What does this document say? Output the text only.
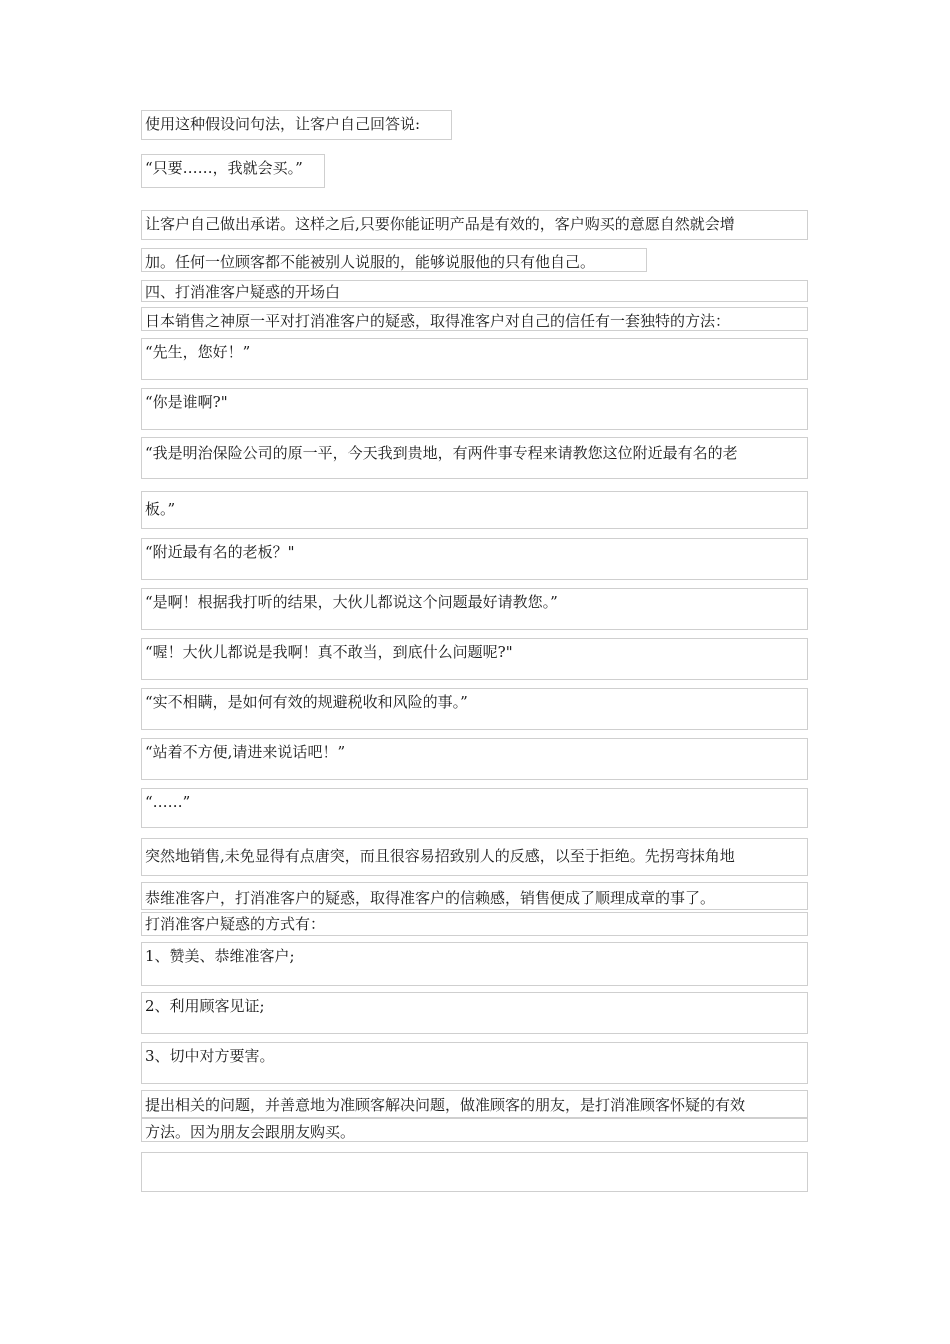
使用这种假设问句法，让客户自己回答说:
“只要……，我就会买。”
让客户自己做出承诺。这样之后,只要你能证明产品是有效的，客户购买的意愿自然就会增
加。任何一位顾客都不能被别人说服的，能够说服他的只有他自己。
四、打消准客户疑惑的开场白
日本销售之神原一平对打消准客户的疑惑，取得准客户对自己的信任有一套独特的方法：
“先生，您好！”
“你是谁啊?"
“我是明治保险公司的原一平，今天我到贵地，有两件事专程来请教您这位附近最有名的老
板。”
“附近最有名的老板？"
“是啊！根据我打听的结果，大伙儿都说这个问题最好请教您。”
“喔！大伙儿都说是我啊！真不敢当，到底什么问题呢?"
“实不相瞒，是如何有效的规避税收和风险的事。”
“站着不方便,请进来说话吧！”
“……”
突然地销售,未免显得有点唐突，而且很容易招致别人的反感，以至于拒绝。先拐弯抹角地
恭维准客户，打消准客户的疑惑，取得准客户的信赖感，销售便成了顺理成章的事了。
打消准客户疑惑的方式有：
1、赞美、恭维准客户;
2、利用顾客见证;
3、切中对方要害。
提出相关的问题，并善意地为准顾客解决问题，做准顾客的朋友，是打消准顾客怀疑的有效
方法。因为朋友会跟朋友购买。
